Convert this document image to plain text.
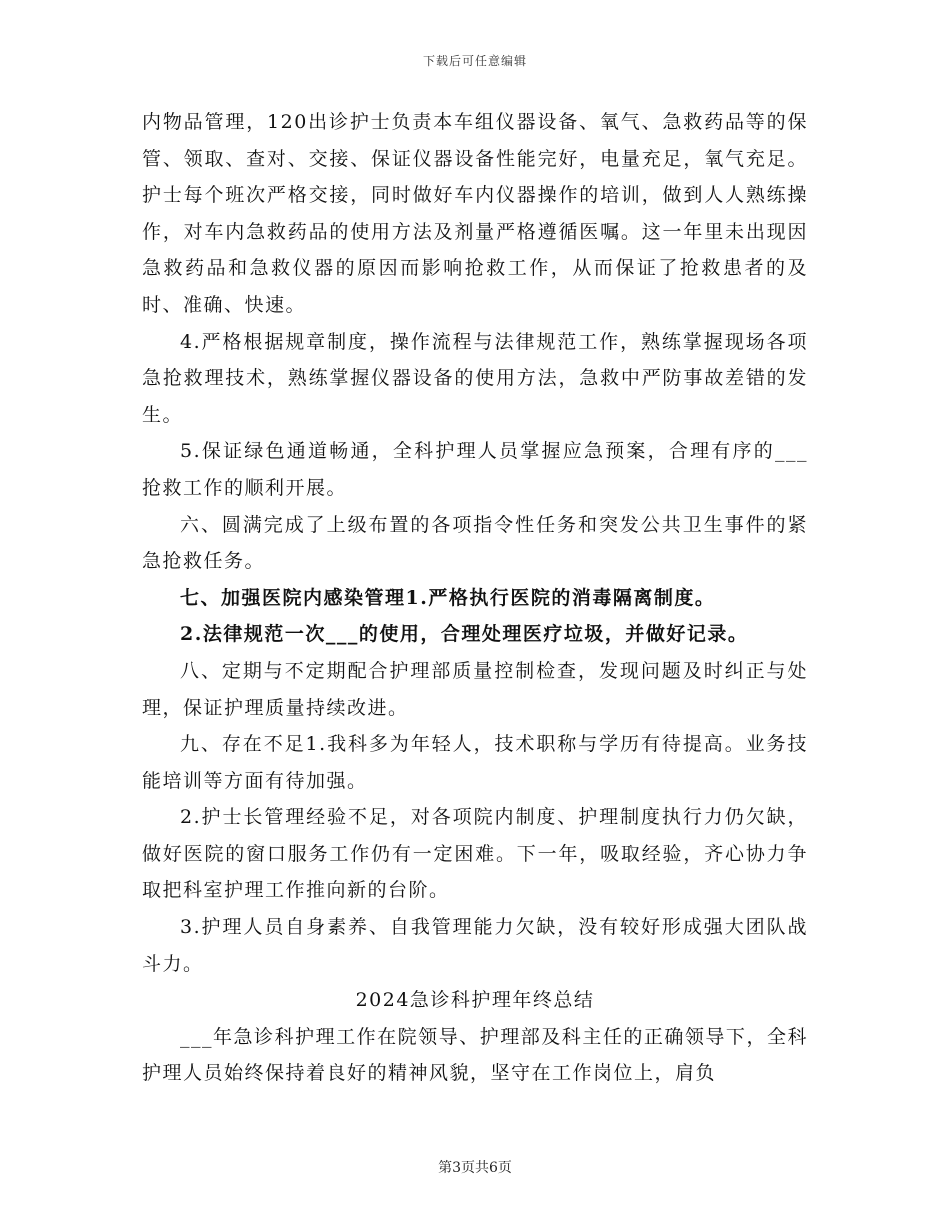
下载后可任意编辑

内物品管理，120出诊护士负责本车组仪器设备、氧气、急救药品等的保管、领取、查对、交接、保证仪器设备性能完好，电量充足，氧气充足。护士每个班次严格交接，同时做好车内仪器操作的培训，做到人人熟练操作，对车内急救药品的使用方法及剂量严格遵循医嘱。这一年里未出现因急救药品和急救仪器的原因而影响抢救工作，从而保证了抢救患者的及时、准确、快速。

4.严格根据规章制度，操作流程与法律规范工作，熟练掌握现场各项急抢救理技术，熟练掌握仪器设备的使用方法，急救中严防事故差错的发生。

5.保证绿色通道畅通，全科护理人员掌握应急预案，合理有序的___抢救工作的顺利开展。

六、圆满完成了上级布置的各项指令性任务和突发公共卫生事件的紧急抢救任务。

七、加强医院内感染管理1.严格执行医院的消毒隔离制度。

2.法律规范一次___的使用，合理处理医疗垃圾，并做好记录。

八、定期与不定期配合护理部质量控制检查，发现问题及时纠正与处理，保证护理质量持续改进。

九、存在不足1.我科多为年轻人，技术职称与学历有待提高。业务技能培训等方面有待加强。

2.护士长管理经验不足，对各项院内制度、护理制度执行力仍欠缺，做好医院的窗口服务工作仍有一定困难。下一年，吸取经验，齐心协力争取把科室护理工作推向新的台阶。

3.护理人员自身素养、自我管理能力欠缺，没有较好形成强大团队战斗力。

2024急诊科护理年终总结

___年急诊科护理工作在院领导、护理部及科主任的正确领导下，全科护理人员始终保持着良好的精神风貌，坚守在工作岗位上，肩负

第3页共6页
